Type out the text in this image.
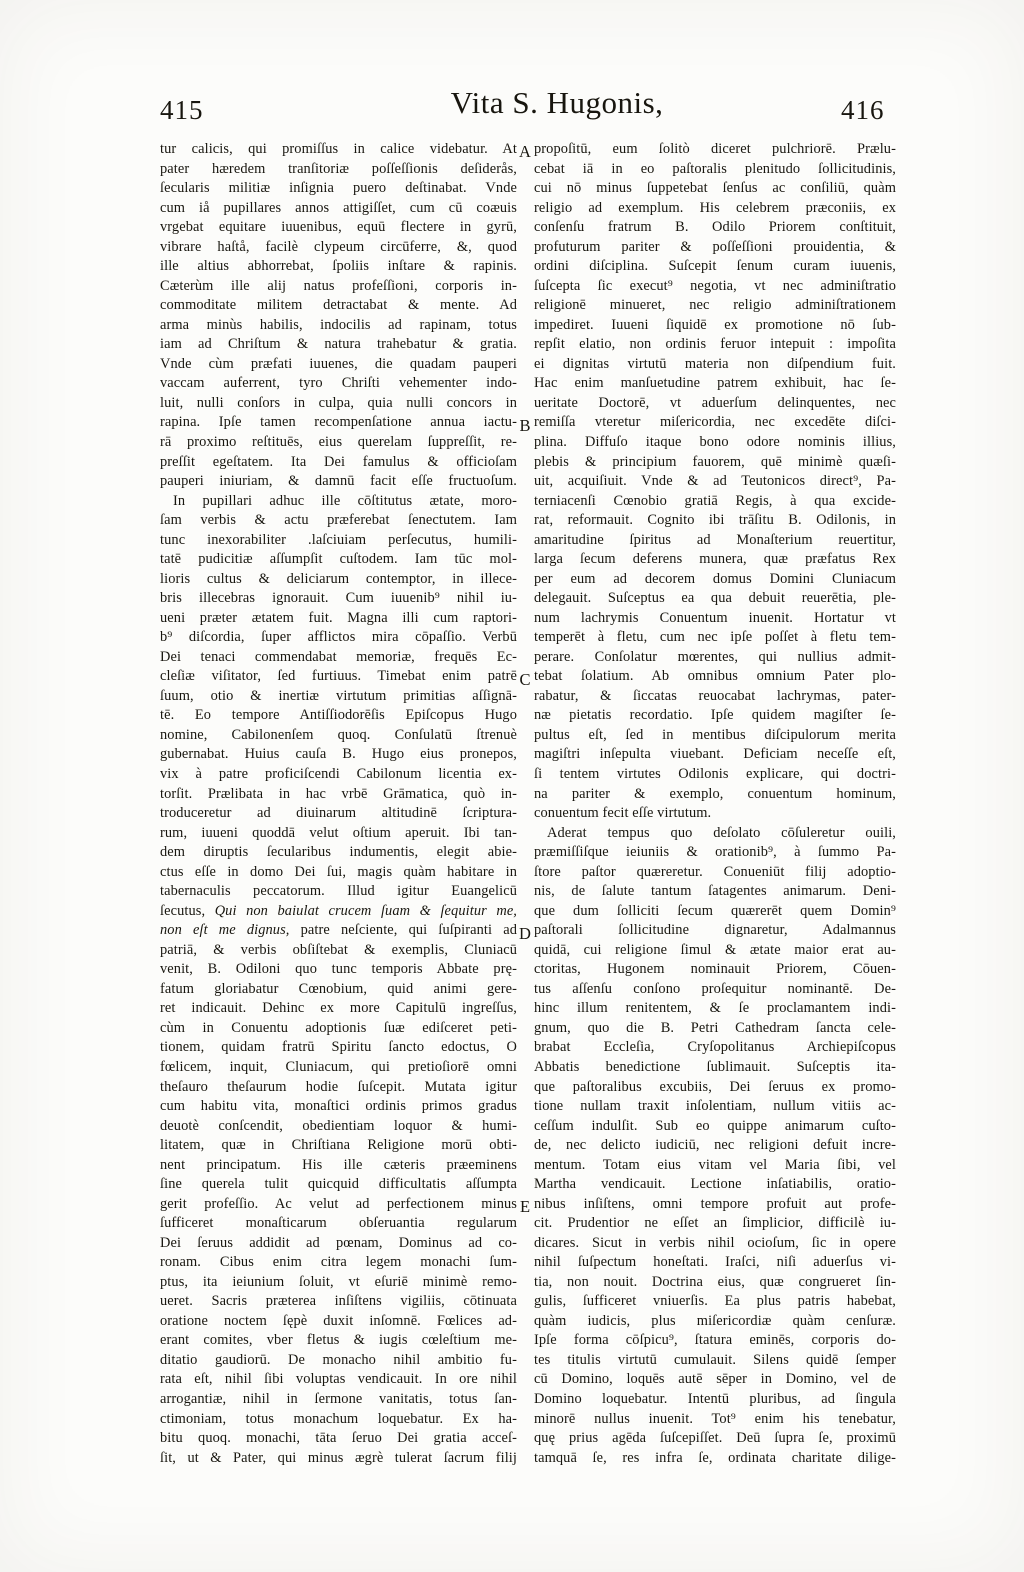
415	Vita S. Hugonis,	416
tur calicis, qui promiſſus in calice videbatur. At
pater hæredem tranſitoriæ poſſeſſionis deſiderås,
ſecularis militiæ inſignia puero deſtinabat. Vnde
cum iå pupillares annos attigiſſet, cum cū coæuis
vrgebat equitare iuuenibus, equū flectere in gyrū,
vibrare haſtå, facilè clypeum circūferre, &, quod
ille altius abhorrebat, ſpoliis inſtare & rapinis.
Cæterùm ille alij natus profeſſioni, corporis in-
commoditate militem detractabat & mente. Ad
arma minùs habilis, indocilis ad rapinam, totus
iam ad Chriſtum & natura trahebatur & gratia.
Vnde cùm præfati iuuenes, die quadam pauperi
vaccam auferrent, tyro Chriſti vehementer indo-
luit, nulli conſors in culpa, quia nulli concors in
rapina. Ipſe tamen recompenſatione annua iactu-
rā proximo reſtituēs, eius querelam ſuppreſſit, re-
preſſit egeſtatem. Ita Dei famulus & officioſam
pauperi iniuriam, & damnū facit eſſe fructuoſum.
In pupillari adhuc ille cōſtitutus ætate, moro-
ſam verbis & actu præferebat ſenectutem. Iam
tunc inexorabiliter .laſciuiam perſecutus, humili-
tatē pudicitiæ aſſumpſit cuſtodem. Iam tūc mol-
lioris cultus & deliciarum contemptor, in illece-
bris illecebras ignorauit. Cum iuuenib⁹ nihil iu-
ueni præter ætatem fuit. Magna illi cum raptori-
b⁹ diſcordia, ſuper afflictos mira cōpaſſio. Verbū
Dei tenaci commendabat memoriæ, frequēs Ec-
cleſiæ viſitator, ſed furtiuus. Timebat enim patrē
ſuum, otio & inertiæ virtutum primitias aſſignā-
tē. Eo tempore Antiſſiodorēſis Epiſcopus Hugo
nomine, Cabilonenſem quoq. Conſulatū ſtrenuè
gubernabat. Huius cauſa B. Hugo eius pronepos,
vix à patre proficiſcendi Cabilonum licentia ex-
torſit. Prælibata in hac vrbē Grāmatica, quò in-
troduceretur ad diuinarum altitudinē ſcriptura-
rum, iuueni quoddā velut oſtium aperuit. Ibi tan-
dem diruptis ſecularibus indumentis, elegit abie-
ctus eſſe in domo Dei ſui, magis quàm habitare in
tabernaculis peccatorum. Illud igitur Euangelicū
ſecutus, Qui non baiulat crucem ſuam & ſequitur me,
non eſt me dignus, patre neſciente, qui ſuſpiranti ad
patriā, & verbis obſiſtebat & exemplis, Cluniacū
venit, B. Odiloni quo tunc temporis Abbate prę-
fatum gloriabatur Cœnobium, quid animi gere-
ret indicauit. Dehinc ex more Capitulū ingreſſus,
cùm in Conuentu adoptionis ſuæ ediſceret peti-
tionem, quidam fratrū Spiritu ſancto edoctus, O
fœlicem, inquit, Cluniacum, qui pretioſiorē omni
theſauro theſaurum hodie ſuſcepit. Mutata igitur
cum habitu vita, monaſtici ordinis primos gradus
deuotè conſcendit, obedientiam loquor & humi-
litatem, quæ in Chriſtiana Religione morū obti-
nent principatum. His ille cæteris præeminens
ſine querela tulit quicquid difficultatis aſſumpta
gerit profeſſio. Ac velut ad perfectionem minus
ſufficeret monaſticarum obſeruantia regularum
Dei ſeruus addidit ad pœnam, Dominus ad co-
ronam. Cibus enim citra legem monachi ſum-
ptus, ita ieiunium ſoluit, vt eſuriē minimè remo-
ueret. Sacris præterea inſiſtens vigiliis, cōtinuata
oratione noctem ſępè duxit inſomnē. Fœlices ad-
erant comites, vber fletus & iugis cœleſtium me-
ditatio gaudiorū. De monacho nihil ambitio fu-
rata eſt, nihil ſibi voluptas vendicauit. In ore nihil
arrogantiæ, nihil in ſermone vanitatis, totus ſan-
ctimoniam, totus monachum loquebatur. Ex ha-
bitu quoq. monachi, tāta ſeruo Dei gratia acceſ-
ſit, ut & Pater, qui minus ægrè tulerat ſacrum filij
propoſitū, eum ſolitò diceret pulchriorē. Prælu-
cebat iā in eo paſtoralis plenitudo ſollicitudinis,
cui nō minus ſuppetebat ſenſus ac conſiliū, quàm
religio ad exemplum. His celebrem præconiis, ex
conſenſu fratrum B. Odilo Priorem conſtituit,
profuturum pariter & poſſeſſioni prouidentia, &
ordini diſciplina. Suſcepit ſenum curam iuuenis,
ſuſcepta ſic execut⁹ negotia, vt nec adminiſtratio
religionē minueret, nec religio adminiſtrationem
impediret. Iuueni ſiquidē ex promotione nō ſub-
repſit elatio, non ordinis feruor intepuit : impoſita
ei dignitas virtutū materia non diſpendium fuit.
Hac enim manſuetudine patrem exhibuit, hac ſe-
ueritate Doctorē, vt aduerſum delinquentes, nec
remiſſa vteretur miſericordia, nec excedēte diſci-
plina. Diffuſo itaque bono odore nominis illius,
plebis & principium fauorem, quē minimè quæſi-
uit, acquiſiuit. Vnde & ad Teutonicos direct⁹, Pa-
terniacenſi Cœnobio gratiā Regis, à qua excide-
rat, reformauit. Cognito ibi trāſitu B. Odilonis, in
amaritudine ſpiritus ad Monaſterium reuertitur,
larga ſecum deferens munera, quæ præfatus Rex
per eum ad decorem domus Domini Cluniacum
delegauit. Suſceptus ea qua debuit reuerētia, ple-
num lachrymis Conuentum inuenit. Hortatur vt
temperēt à fletu, cum nec ipſe poſſet à fletu tem-
perare. Conſolatur mœrentes, qui nullius admit-
tebat ſolatium. Ab omnibus omnium Pater plo-
rabatur, & ſiccatas reuocabat lachrymas, pater-
næ pietatis recordatio. Ipſe quidem magiſter ſe-
pultus eſt, ſed in mentibus diſcipulorum merita
magiſtri inſepulta viuebant. Deficiam neceſſe eſt,
ſi tentem virtutes Odilonis explicare, qui doctri-
na pariter & exemplo, conuentum hominum,
conuentum fecit eſſe virtutum.
Aderat tempus quo deſolato cōſuleretur ouili,
præmiſſiſque ieiuniis & orationib⁹, à ſummo Pa-
ſtore paſtor quæreretur. Conueniūt filij adoptio-
nis, de ſalute tantum ſatagentes animarum. Deni-
que dum ſolliciti ſecum quærerēt quem Domin⁹
paſtorali ſollicitudine dignaretur, Adalmannus
quidā, cui religione ſimul & ætate maior erat au-
ctoritas, Hugonem nominauit Priorem, Cōuen-
tus aſſenſu conſono proſequitur nominantē. De-
hinc illum renitentem, & ſe proclamantem indi-
gnum, quo die B. Petri Cathedram ſancta cele-
brabat Eccleſia, Cryſopolitanus Archiepiſcopus
Abbatis benedictione ſublimauit. Suſceptis ita-
que paſtoralibus excubiis, Dei ſeruus ex promo-
tione nullam traxit inſolentiam, nullum vitiis ac-
ceſſum indulſit. Sub eo quippe animarum cuſto-
de, nec delicto iudiciū, nec religioni defuit incre-
mentum. Totam eius vitam vel Maria ſibi, vel
Martha vendicauit. Lectione inſatiabilis, oratio-
nibus inſiſtens, omni tempore profuit aut profe-
cit. Prudentior ne eſſet an ſimplicior, difficilè iu-
dicares. Sicut in verbis nihil ocioſum, ſic in opere
nihil ſuſpectum honeſtati. Iraſci, niſi aduerſus vi-
tia, non nouit. Doctrina eius, quæ congrueret ſin-
gulis, ſufficeret vniuerſis. Ea plus patris habebat,
quàm iudicis, plus miſericordiæ quàm cenſuræ.
Ipſe forma cōſpicu⁹, ſtatura eminēs, corporis do-
tes titulis virtutū cumulauit. Silens quidē ſemper
cū Domino, loquēs autē sēper in Domino, vel de
Domino loquebatur. Intentū pluribus, ad ſingula
minorē nullus inuenit. Tot⁹ enim his tenebatur,
quę prius agēda ſuſcepiſſet. Deū ſupra ſe, proximū
tamquā ſe, res infra ſe, ordinata charitate dilige-
A
B
C
D
E
